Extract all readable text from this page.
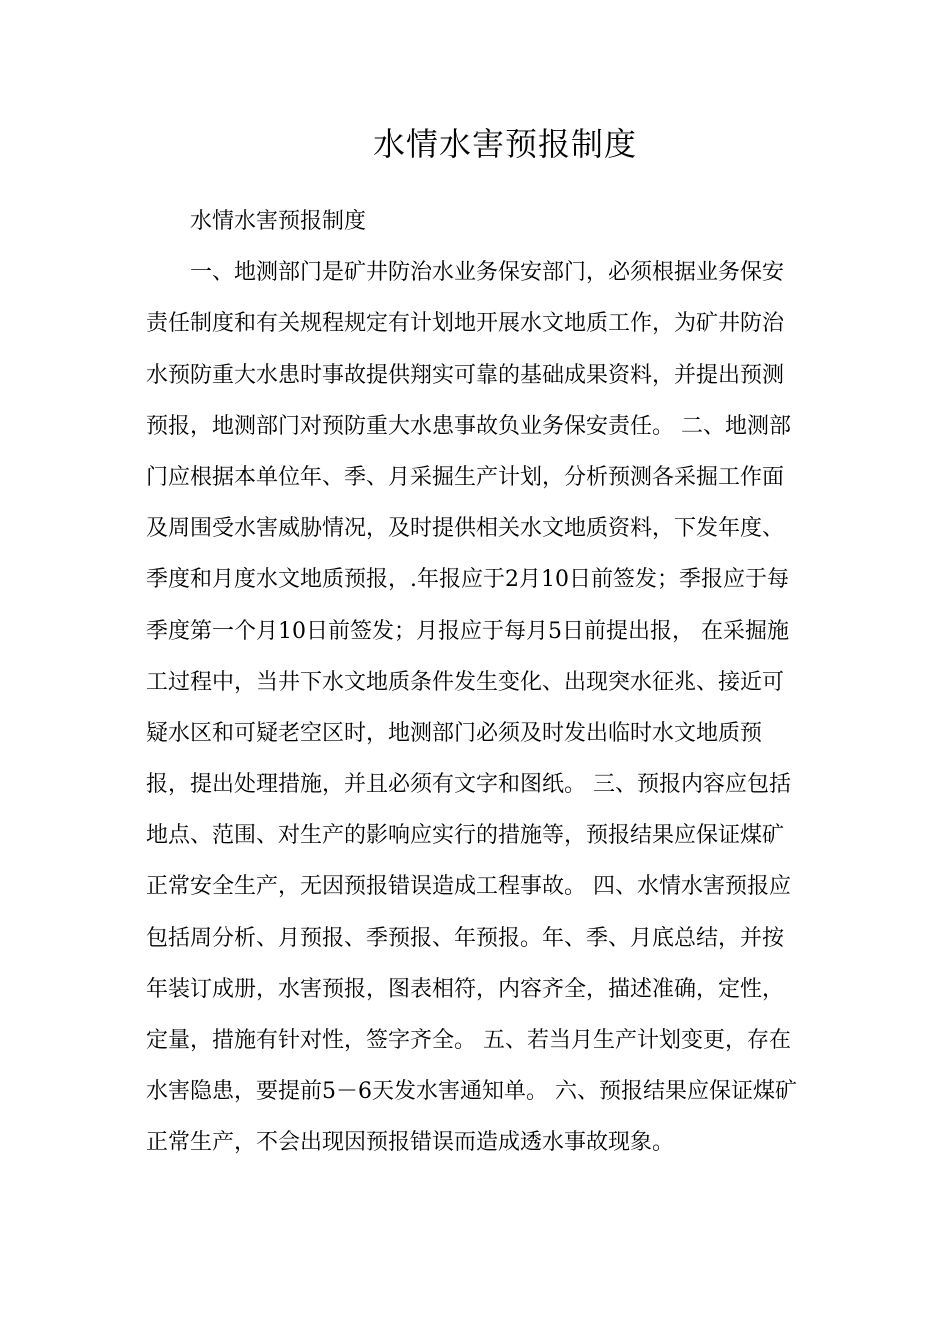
水情水害预报制度
水情水害预报制度
一、地测部门是矿井防治水业务保安部门，必须根据业务保安
责任制度和有关规程规定有计划地开展水文地质工作，为矿井防治
水预防重大水患时事故提供翔实可靠的基础成果资料，并提出预测
预报，地测部门对预防重大水患事故负业务保安责任。 二、地测部
门应根据本单位年、季、月采掘生产计划，分析预测各采掘工作面
及周围受水害威胁情况，及时提供相关水文地质资料，下发年度、
季度和月度水文地质预报，.年报应于2月10日前签发；季报应于每
季度第一个月10日前签发；月报应于每月5日前提出报， 在采掘施
工过程中，当井下水文地质条件发生变化、出现突水征兆、接近可
疑水区和可疑老空区时，地测部门必须及时发出临时水文地质预
报，提出处理措施，并且必须有文字和图纸。 三、预报内容应包括
地点、范围、对生产的影响应实行的措施等，预报结果应保证煤矿
正常安全生产，无因预报错误造成工程事故。 四、水情水害预报应
包括周分析、月预报、季预报、年预报。年、季、月底总结，并按
年装订成册，水害预报，图表相符，内容齐全，描述准确，定性，
定量，措施有针对性，签字齐全。 五、若当月生产计划变更，存在
水害隐患，要提前5－6天发水害通知单。 六、预报结果应保证煤矿
正常生产，不会出现因预报错误而造成透水事故现象。
